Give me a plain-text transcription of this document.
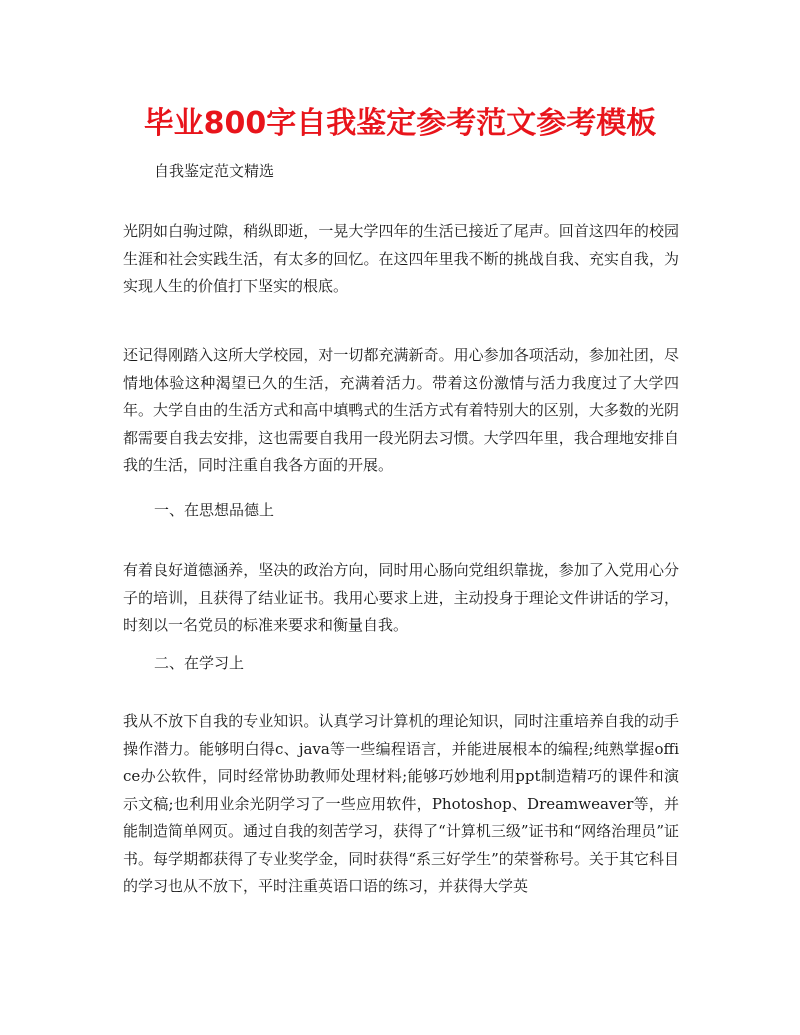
毕业800字自我鉴定参考范文参考模板

自我鉴定范文精选

光阴如白驹过隙，稍纵即逝，一晃大学四年的生活已接近了尾声。回首这四年的校园生涯和社会实践生活，有太多的回忆。在这四年里我不断的挑战自我、充实自我，为实现人生的价值打下坚实的根底。

还记得刚踏入这所大学校园，对一切都充满新奇。用心参加各项活动，参加社团，尽情地体验这种渴望已久的生活，充满着活力。带着这份激情与活力我度过了大学四年。大学自由的生活方式和高中填鸭式的生活方式有着特别大的区别，大多数的光阴都需要自我去安排，这也需要自我用一段光阴去习惯。大学四年里，我合理地安排自我的生活，同时注重自我各方面的开展。

一、在思想品德上

有着良好道德涵养，坚决的政治方向，同时用心肠向党组织靠拢，参加了入党用心分子的培训，且获得了结业证书。我用心要求上进，主动投身于理论文件讲话的学习，时刻以一名党员的标准来要求和衡量自我。

二、在学习上

我从不放下自我的专业知识。认真学习计算机的理论知识，同时注重培养自我的动手操作潜力。能够明白得c、java等一些编程语言，并能进展根本的编程;纯熟掌握office办公软件，同时经常协助教师处理材料;能够巧妙地利用ppt制造精巧的课件和演示文稿;也利用业余光阴学习了一些应用软件，Photoshop、Dreamweaver等，并能制造简单网页。通过自我的刻苦学习，获得了“计算机三级”证书和“网络治理员”证书。每学期都获得了专业奖学金，同时获得“系三好学生”的荣誉称号。关于其它科目的学习也从不放下，平时注重英语口语的练习，并获得大学英
